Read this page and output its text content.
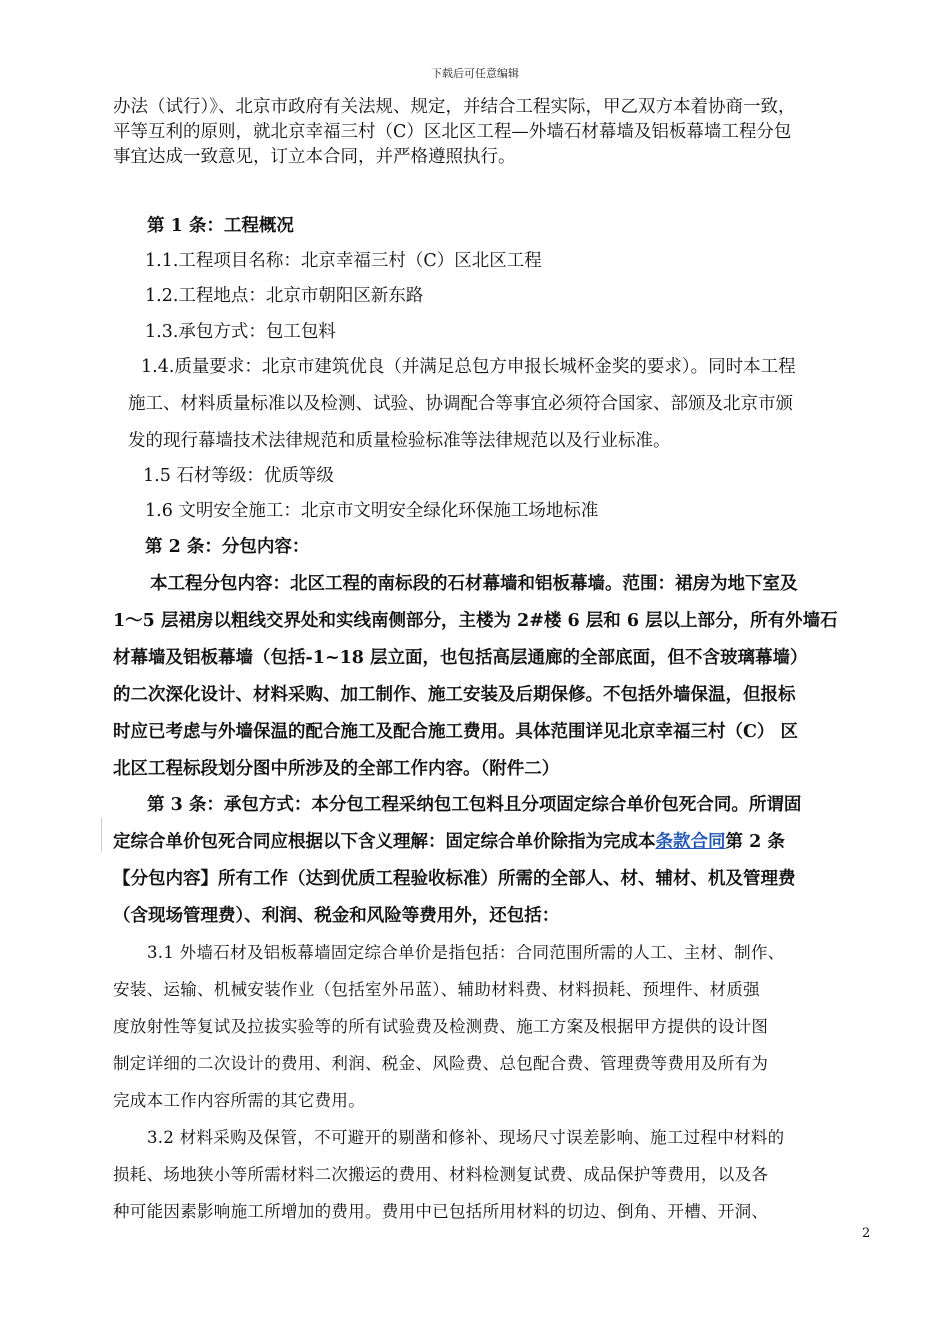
下载后可任意编辑
办法（试行）》、北京市政府有关法规、规定，并结合工程实际，甲乙双方本着协商一致，
平等互利的原则，就北京幸福三村（C）区北区工程—外墙石材幕墙及铝板幕墙工程分包
事宜达成一致意见，订立本合同，并严格遵照执行。
第 1 条：工程概况
1.1.工程项目名称：北京幸福三村（C）区北区工程
1.2.工程地点：北京市朝阳区新东路
1.3.承包方式：包工包料
1.4.质量要求：北京市建筑优良（并满足总包方申报长城杯金奖的要求）。同时本工程
施工、材料质量标准以及检测、试验、协调配合等事宜必须符合国家、部颁及北京市颁
发的现行幕墙技术法律规范和质量检验标准等法律规范以及行业标准。
1.5 石材等级：优质等级
1.6 文明安全施工：北京市文明安全绿化环保施工场地标准
第 2 条：分包内容：
本工程分包内容：北区工程的南标段的石材幕墙和铝板幕墙。范围：裙房为地下室及
1～5 层裙房以粗线交界处和实线南侧部分，主楼为 2#楼 6 层和 6 层以上部分，所有外墙石
材幕墙及铝板幕墙（包括-1~18 层立面，也包括高层通廊的全部底面，但不含玻璃幕墙）
的二次深化设计、材料采购、加工制作、施工安装及后期保修。不包括外墙保温，但报标
时应已考虑与外墙保温的配合施工及配合施工费用。具体范围详见北京幸福三村（C） 区
北区工程标段划分图中所涉及的全部工作内容。（附件二）
第 3 条：承包方式：本分包工程采纳包工包料且分项固定综合单价包死合同。所谓固
定综合单价包死合同应根据以下含义理解：固定综合单价除指为完成本条款合同第 2 条
【分包内容】所有工作（达到优质工程验收标准）所需的全部人、材、辅材、机及管理费
（含现场管理费）、利润、税金和风险等费用外，还包括：
3.1 外墙石材及铝板幕墙固定综合单价是指包括：合同范围所需的人工、主材、制作、
安装、运输、机械安装作业（包括室外吊蓝）、辅助材料费、材料损耗、预埋件、材质强
度放射性等复试及拉拔实验等的所有试验费及检测费、施工方案及根据甲方提供的设计图
制定详细的二次设计的费用、利润、税金、风险费、总包配合费、管理费等费用及所有为
完成本工作内容所需的其它费用。
3.2 材料采购及保管，不可避开的剔凿和修补、现场尺寸误差影响、施工过程中材料的
损耗、场地狭小等所需材料二次搬运的费用、材料检测复试费、成品保护等费用，以及各
种可能因素影响施工所增加的费用。费用中已包括所用材料的切边、倒角、开槽、开洞、
2
